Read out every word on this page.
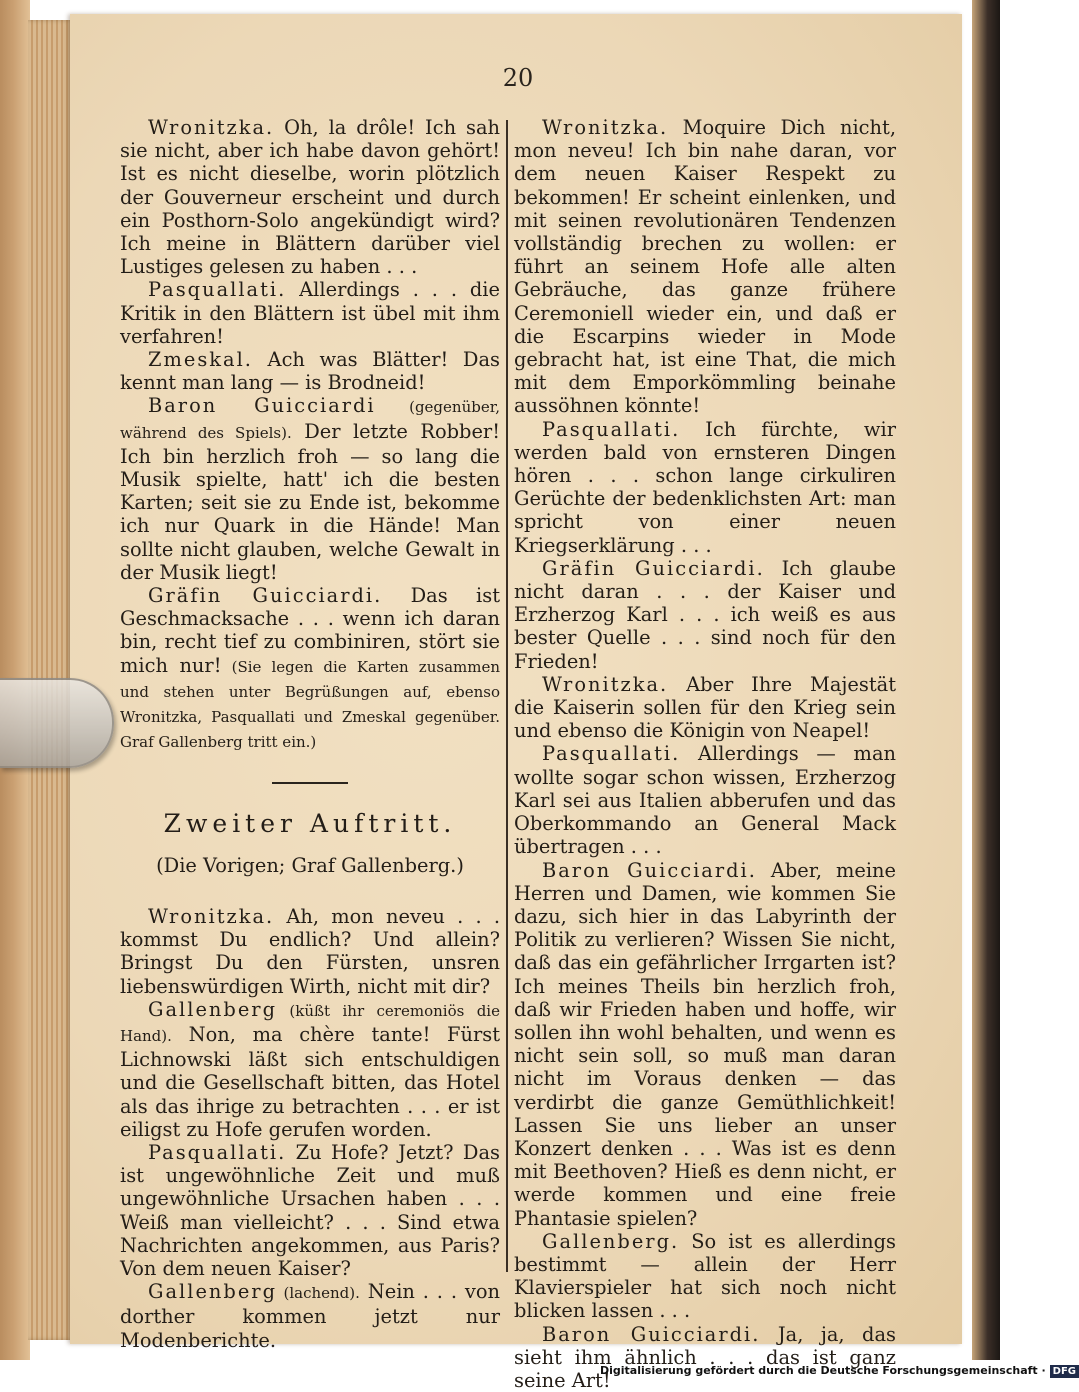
20

Wronitzka. Oh, la drôle! Ich sah sie nicht, aber ich habe davon gehört! Ist es nicht dieselbe, worin plötzlich der Gouverneur erscheint und durch ein Posthorn-Solo angekündigt wird? Ich meine in Blättern darüber viel Lustiges gelesen zu haben . . .

Pasquallati. Allerdings . . . die Kritik in den Blättern ist übel mit ihm verfahren!

Zmeskal. Ach was Blätter! Das kennt man lang — is Brodneid!

Baron Guicciardi (gegenüber, während des Spiels). Der letzte Robber! Ich bin herzlich froh — so lang die Musik spielte, hatt' ich die besten Karten; seit sie zu Ende ist, bekomme ich nur Quark in die Hände! Man sollte nicht glauben, welche Gewalt in der Musik liegt!

Gräfin Guicciardi. Das ist Geschmacksache . . . wenn ich daran bin, recht tief zu combiniren, stört sie mich nur! (Sie legen die Karten zusammen und stehen unter Begrüßungen auf, ebenso Wronitzka, Pasquallati und Zmeskal gegenüber. Graf Gallenberg tritt ein.)

Zweiter Auftritt.

(Die Vorigen; Graf Gallenberg.)

Wronitzka. Ah, mon neveu . . . kommst Du endlich? Und allein? Bringst Du den Fürsten, unsren liebenswürdigen Wirth, nicht mit dir?

Gallenberg (küßt ihr ceremoniös die Hand). Non, ma chère tante! Fürst Lichnowski läßt sich entschuldigen und die Gesellschaft bitten, das Hotel als das ihrige zu betrachten . . . er ist eiligst zu Hofe gerufen worden.

Pasquallati. Zu Hofe? Jetzt? Das ist ungewöhnliche Zeit und muß ungewöhnliche Ursachen haben . . . Weiß man vielleicht? . . . Sind etwa Nachrichten angekommen, aus Paris? Von dem neuen Kaiser?

Gallenberg (lachend). Nein . . . von dorther kommen jetzt nur Modenberichte.

Wronitzka. Moquire Dich nicht, mon neveu! Ich bin nahe daran, vor dem neuen Kaiser Respekt zu bekommen! Er scheint einlenken, und mit seinen revolutionären Tendenzen vollständig brechen zu wollen: er führt an seinem Hofe alle alten Gebräuche, das ganze frühere Ceremoniell wieder ein, und daß er die Escarpins wieder in Mode gebracht hat, ist eine That, die mich mit dem Emporkömmling beinahe aussöhnen könnte!

Pasquallati. Ich fürchte, wir werden bald von ernsteren Dingen hören . . . schon lange cirkuliren Gerüchte der bedenklichsten Art: man spricht von einer neuen Kriegserklärung . . .

Gräfin Guicciardi. Ich glaube nicht daran . . . der Kaiser und Erzherzog Karl . . . ich weiß es aus bester Quelle . . . sind noch für den Frieden!

Wronitzka. Aber Ihre Majestät die Kaiserin sollen für den Krieg sein und ebenso die Königin von Neapel!

Pasquallati. Allerdings — man wollte sogar schon wissen, Erzherzog Karl sei aus Italien abberufen und das Oberkommando an General Mack übertragen . . .

Baron Guicciardi. Aber, meine Herren und Damen, wie kommen Sie dazu, sich hier in das Labyrinth der Politik zu verlieren? Wissen Sie nicht, daß das ein gefährlicher Irrgarten ist? Ich meines Theils bin herzlich froh, daß wir Frieden haben und hoffe, wir sollen ihn wohl behalten, und wenn es nicht sein soll, so muß man daran nicht im Voraus denken — das verdirbt die ganze Gemüthlichkeit! Lassen Sie uns lieber an unser Konzert denken . . . Was ist es denn mit Beethoven? Hieß es denn nicht, er werde kommen und eine freie Phantasie spielen?

Gallenberg. So ist es allerdings bestimmt — allein der Herr Klavierspieler hat sich noch nicht blicken lassen . . .

Baron Guicciardi. Ja, ja, das sieht ihm ähnlich . . . das ist ganz seine Art!

Digitalisierung gefördert durch die Deutsche Forschungsgemeinschaft · DFG
